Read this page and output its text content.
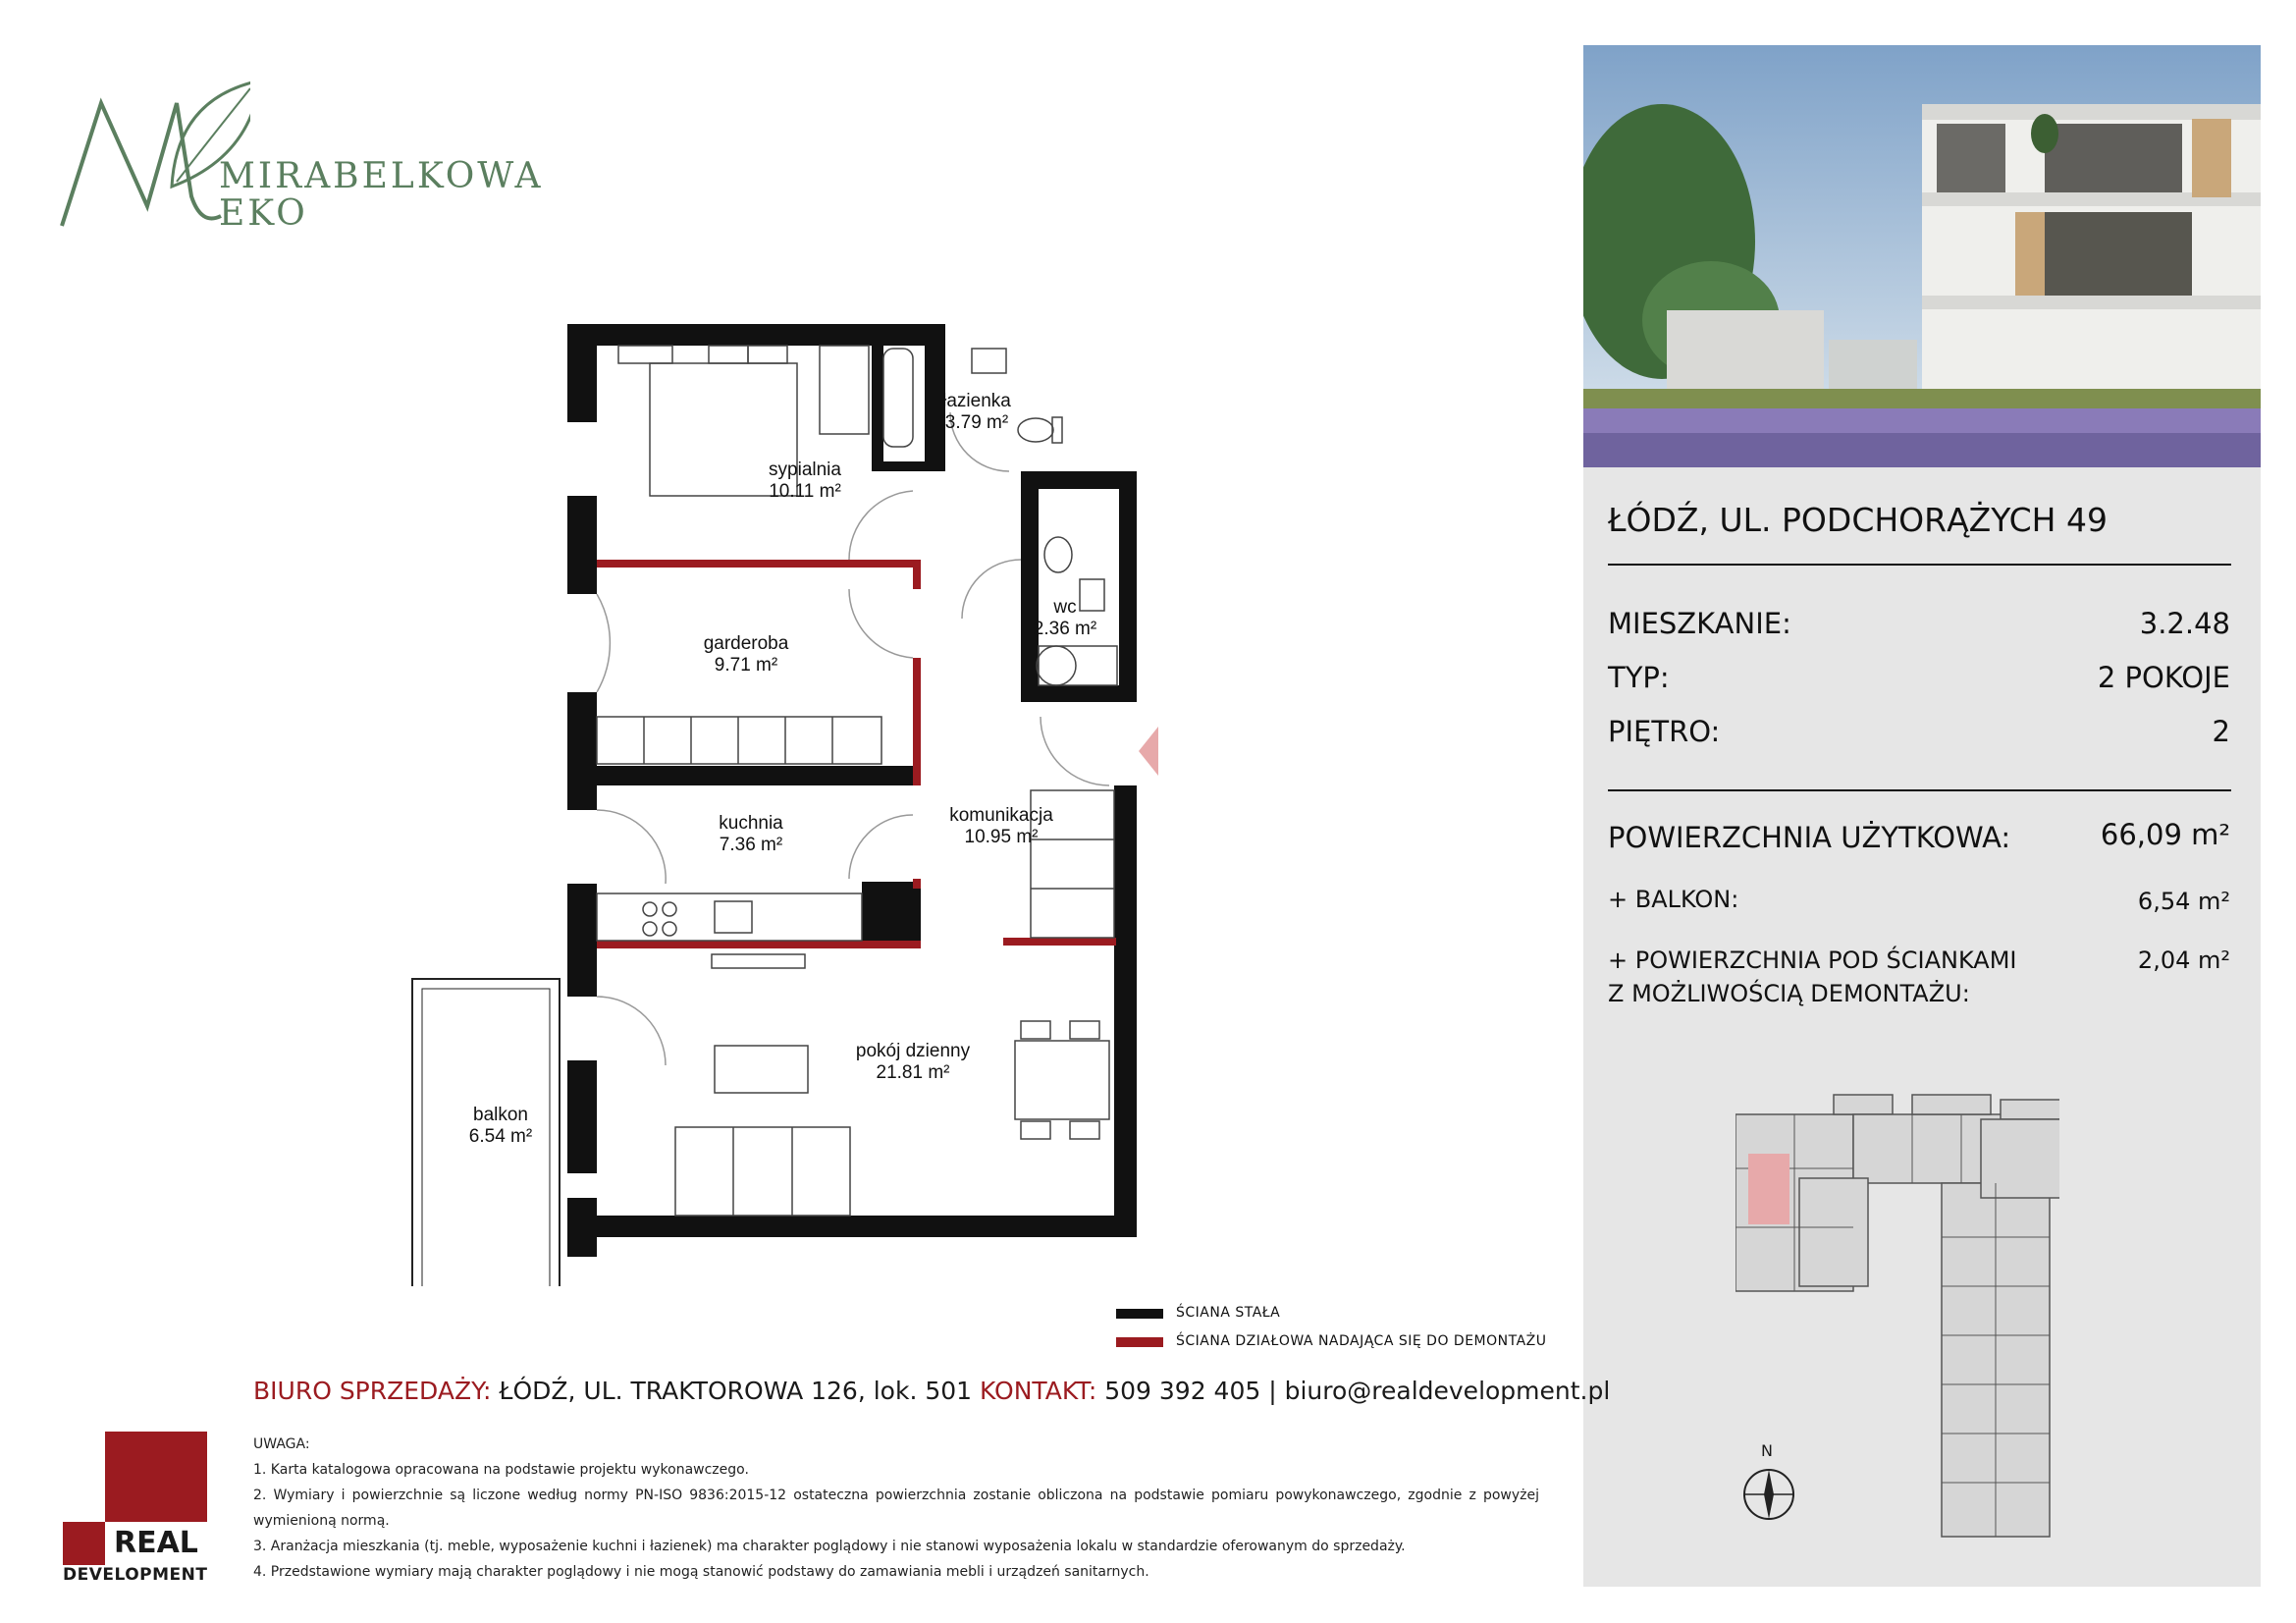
MIRABELKOWA
EKO
sypialnia
10.11 m²
łazienka
3.79 m²
wc
2.36 m²
garderoba
9.71 m²
kuchnia
7.36 m²
komunikacja
10.95 m²
pokój dzienny
21.81 m²
balkon
6.54 m²
ŚCIANA STAŁA
ŚCIANA DZIAŁOWA NADAJĄCA SIĘ DO DEMONTAŻU
ŁÓDŹ, UL. PODCHORĄŻYCH 49
MIESZKANIE:	3.2.48
TYP:	2 POKOJE
PIĘTRO:	2
POWIERZCHNIA UŻYTKOWA:	66,09 m²
+ BALKON:	6,54 m²
+ POWIERZCHNIA POD ŚCIANKAMI
Z MOŻLIWOŚCIĄ DEMONTAŻU:
2,04 m²
N
BIURO SPRZEDAŻY: ŁÓDŹ, UL. TRAKTOROWA 126, lok. 501 KONTAKT: 509 392 405 | biuro@realdevelopment.pl

UWAGA:

1. Karta katalogowa opracowana na podstawie projektu wykonawczego.

2. Wymiary i powierzchnie są liczone według normy PN-ISO 9836:2015-12 ostateczna powierzchnia zostanie obliczona na podstawie pomiaru powykonawczego, zgodnie z powyżej wymienioną normą.

3. Aranżacja mieszkania (tj. meble, wyposażenie kuchni i łazienek) ma charakter poglądowy i nie stanowi wyposażenia lokalu w standardzie oferowanym do sprzedaży.

4. Przedstawione wymiary mają charakter poglądowy i nie mogą stanowić podstawy do zamawiania mebli i urządzeń sanitarnych.

REAL
DEVELOPMENT
